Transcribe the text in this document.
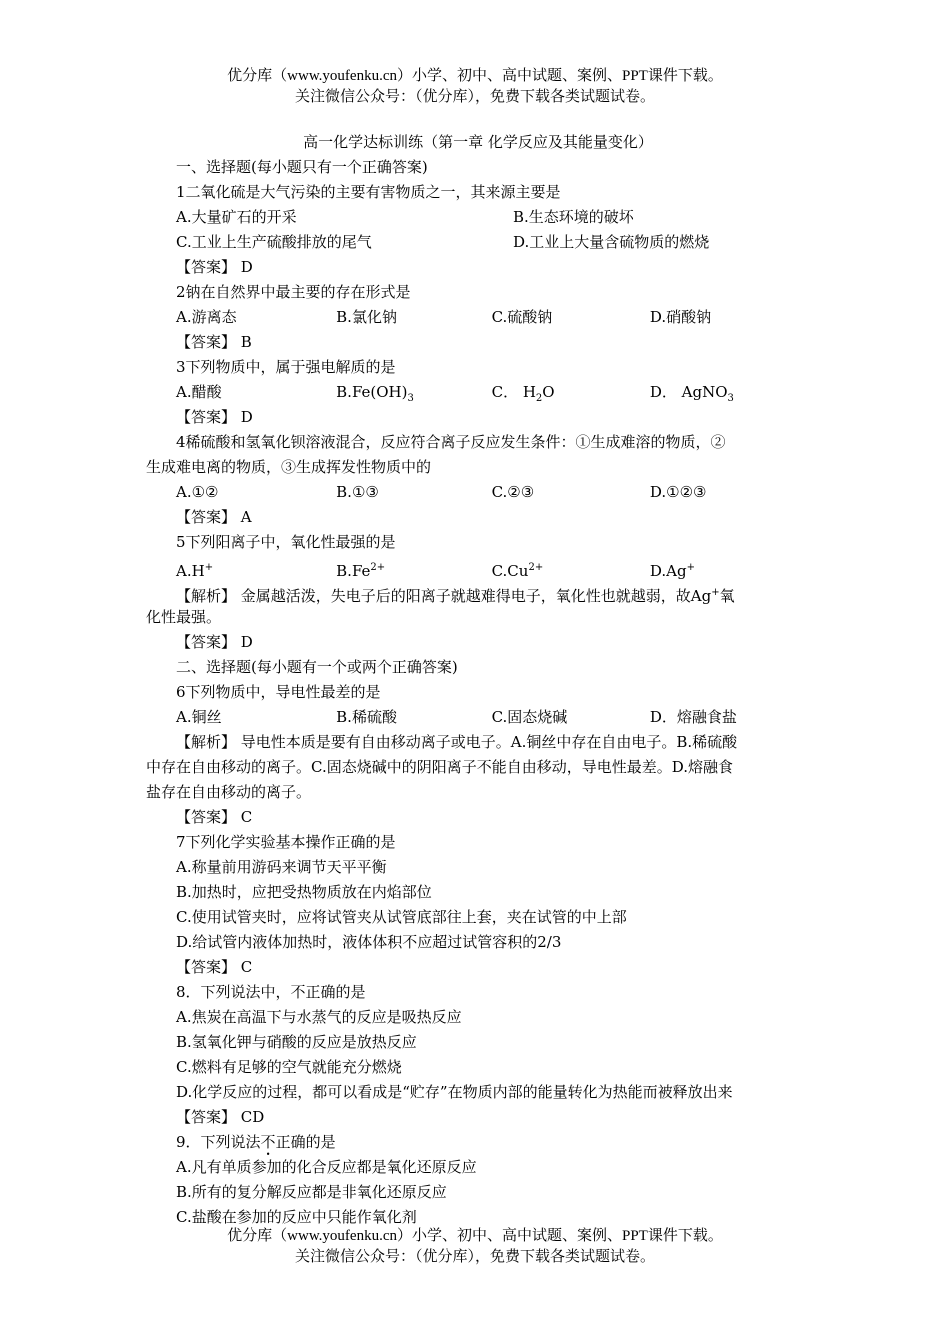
优分库（www.youfenku.cn）小学、初中、高中试题、案例、PPT课件下载。
关注微信公众号：（优分库），免费下载各类试题试卷。
高一化学达标训练（第一章 化学反应及其能量变化）
一、选择题(每小题只有一个正确答案)
1二氧化硫是大气污染的主要有害物质之一，其来源主要是
A.大量矿石的开采	B.生态环境的破坏
C.工业上生产硫酸排放的尾气	D.工业上大量含硫物质的燃烧
【答案】 D
2钠在自然界中最主要的存在形式是
A.游离态	B.氯化钠	C.硫酸钠	D.硝酸钠
【答案】 B
3下列物质中，属于强电解质的是
A.醋酸	$B.Fe(OH)_3$	C． $H_2O$	D． AgNO$_3$
【答案】 D
4稀硫酸和氢氧化钡溶液混合，反应符合离子反应发生条件：①生成难溶的物质，②
生成难电离的物质，③生成挥发性物质中的
A.①②	B.①③	C.②③	D.①②③
【答案】 A
5下列阳离子中，氧化性最强的是
A.H+	$B.Fe^{2+}$	$C.Cu^{2+}$	D.Ag+
【解析】 金属越活泼，失电子后的阳离子就越难得电子，氧化性也就越弱，故Ag+氧
化性最强。
【答案】 D
二、选择题(每小题有一个或两个正确答案)
6下列物质中，导电性最差的是
A.铜丝	B.稀硫酸	C.固态烧碱	D．熔融食盐
【解析】 导电性本质是要有自由移动离子或电子。A.铜丝中存在自由电子。B.稀硫酸
中存在自由移动的离子。C.固态烧碱中的阴阳离子不能自由移动，导电性最差。D.熔融食
盐存在自由移动的离子。
【答案】 C
7下列化学实验基本操作正确的是
A.称量前用游码来调节天平平衡
B.加热时，应把受热物质放在内焰部位
C.使用试管夹时，应将试管夹从试管底部往上套，夹在试管的中上部
D.给试管内液体加热时，液体体积不应超过试管容积的2/3
【答案】 C
8．下列说法中，不正确的是
A.焦炭在高温下与水蒸气的反应是吸热反应
B.氢氧化钾与硝酸的反应是放热反应
C.燃料有足够的空气就能充分燃烧
D.化学反应的过程，都可以看成是“贮存”在物质内部的能量转化为热能而被释放出来
【答案】 CD
9．下列说法不正确的是
A.凡有单质参加的化合反应都是氧化还原反应
B.所有的复分解反应都是非氧化还原反应
C.盐酸在参加的反应中只能作氧化剂
优分库（www.youfenku.cn）小学、初中、高中试题、案例、PPT课件下载。
关注微信公众号：（优分库），免费下载各类试题试卷。
